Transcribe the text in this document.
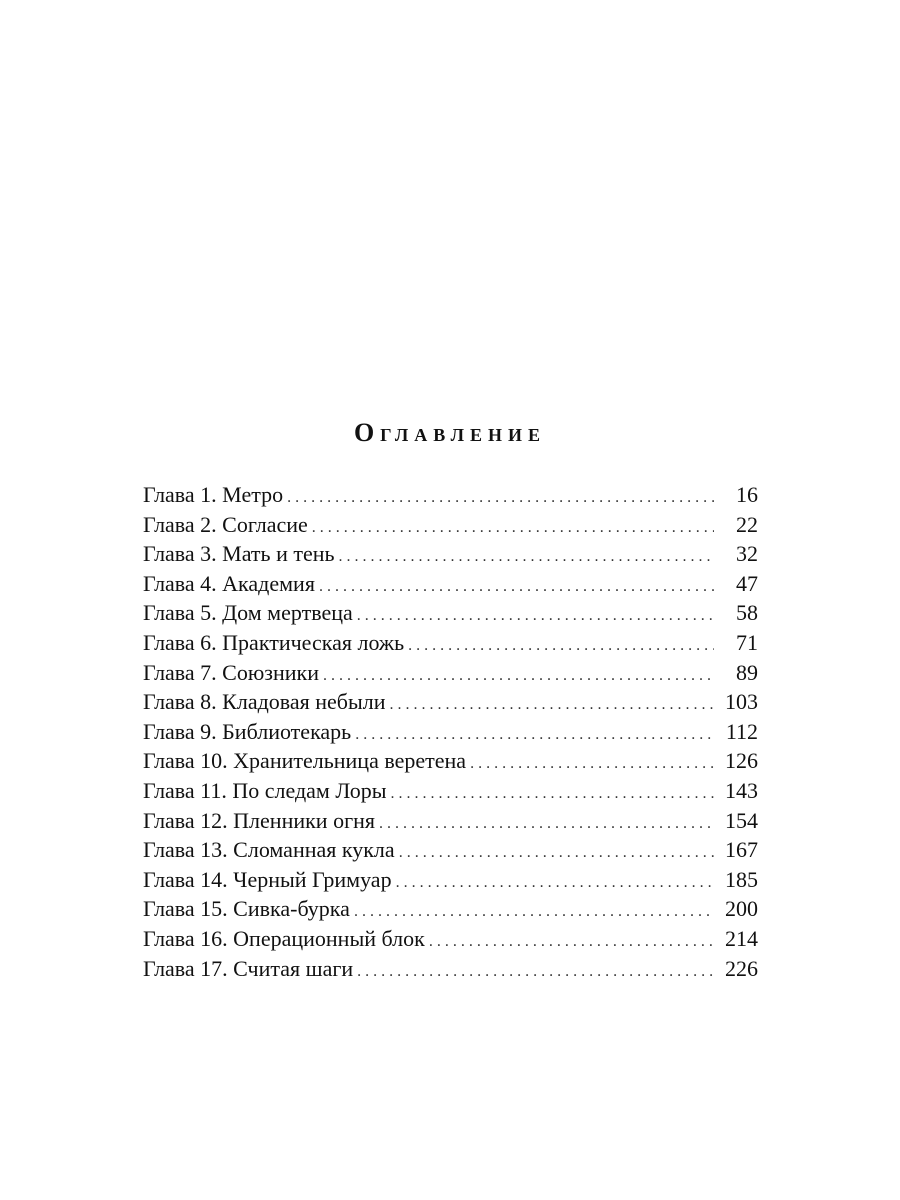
Оглавление
Глава 1. Метро . . .	16
Глава 2. Согласие . . .	22
Глава 3. Мать и тень . . .	32
Глава 4. Академия . . .	47
Глава 5. Дом мертвеца . . .	58
Глава 6. Практическая ложь . . .	71
Глава 7. Союзники . . .	89
Глава 8. Кладовая небыли . . .	103
Глава 9. Библиотекарь . . .	112
Глава 10. Хранительница веретена . . .	126
Глава 11. По следам Лоры . . .	143
Глава 12. Пленники огня . . .	154
Глава 13. Сломанная кукла . . .	167
Глава 14. Черный Гримуар . . .	185
Глава 15. Сивка-бурка . . .	200
Глава 16. Операционный блок . . .	214
Глава 17. Считая шаги . . .	226
